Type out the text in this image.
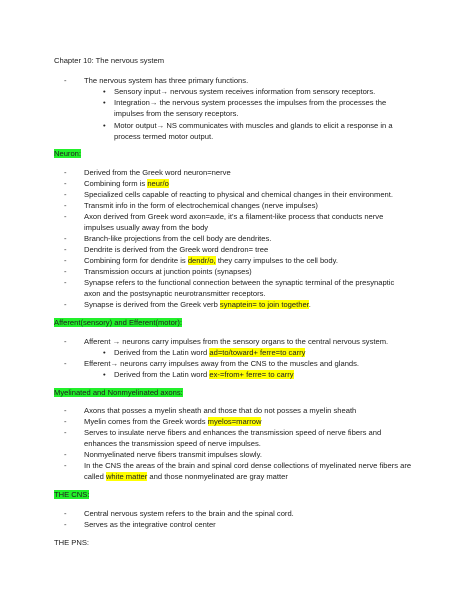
Chapter 10: The nervous system
- The nervous system has three primary functions.
• Sensory input→ nervous system receives information from sensory receptors.
• Integration→ the nervous system processes the impulses from the processes the
impulses from the sensory receptors.
• Motor output→ NS communicates with muscles and glands to elicit a response in a
process termed motor output.
Neuron:
- Derived from the Greek word neuron=nerve
- Combining form is neur/o
- Specialized cells capable of reacting to physical and chemical changes in their environment.
- Transmit info in the form of electrochemical changes (nerve impulses)
- Axon derived from Greek word axon=axle, it’s a filament-like process that conducts nerve
impulses usually away from the body
- Branch-like projections from the cell body are dendrites.
- Dendrite is derived from the Greek word dendron= tree
- Combining form for dendrite is dendr/o, they carry impulses to the cell body.
- Transmission occurs at junction points (synapses)
- Synapse refers to the functional connection between the synaptic terminal of the presynaptic
axon and the postsynaptic neurotransmitter receptors.
- Synapse is derived from the Greek verb synaptein= to join together.
Afferent(sensory) and Efferent(motor):
- Afferent → neurons carry impulses from the sensory organs to the central nervous system.
• Derived from the Latin word ad=to/toward+ ferre=to carry
- Efferent→ neurons carry impulses away from the CNS to the muscles and glands.
• Derived from the Latin word ex-=from+ ferre= to carry
Myelinated and Nonmyelinated axons:
- Axons that posses a myelin sheath and those that do not posses a myelin sheath
- Myelin comes from the Greek words myelos=marrow
- Serves to insulate nerve fibers and enhances the transmission speed of nerve fibers and
enhances the transmission speed of nerve impulses.
- Nonmyelinated nerve fibers transmit impulses slowly.
- In the CNS the areas of the brain and spinal cord dense collections of myelinated nerve fibers are
called white matter and those nonmyelinated are gray matter
THE CNS:
- Central nervous system refers to the brain and the spinal cord.
- Serves as the integrative control center
THE PNS:
